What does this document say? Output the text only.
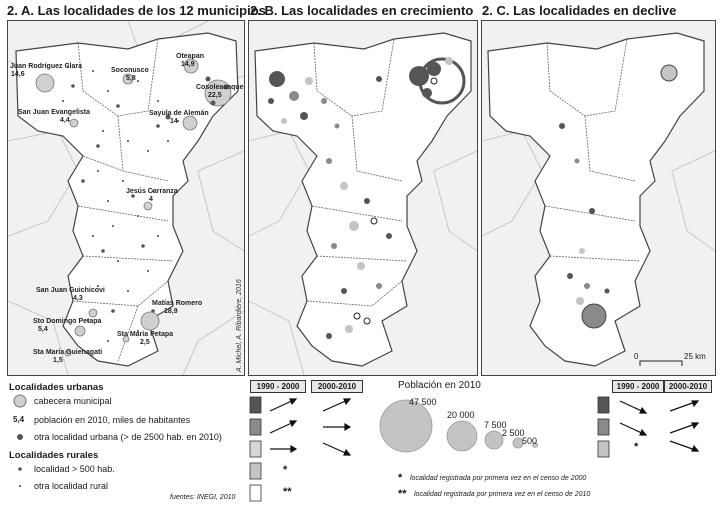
2. A. Las localidades de los 12 municipios
2. B. Las localidades en crecimiento 2. C. Las localidades en declive
Juan Rodríguez Clara
14,6
Soconusco
5,8
Oteapan
14,9
Cosoleacaque
22,5
San Juan Evangelista
4,4
Sayula de Alemán
14
Jesús Carranza
4
San Juan Guichicovi
4,3
Matías Romero
18,9
Sto Domingo Petapa
5,4
Sta María Petapa
2,5
Sta María Guienagati
1,5	A. Michel, A. Ribardière, 2016	0	25 km
Localidades urbanas
cabecera municipal
5,4 población en 2010, miles de habitantes
otra localidad urbana (> de 2500 hab. en 2010)
Localidades rurales
localidad > 500 hab.
otra localidad rural
fuentes: INEGI, 2010
1990 - 2000	2000-2010
*
**
Población en 2010
47 500
20 000
7 500
2 500
500
* localidad registrada por primera vez en el censo de 2000
** localidad registrada por primera vez en el censo de 2010
1990 - 2000	2000-2010
*
